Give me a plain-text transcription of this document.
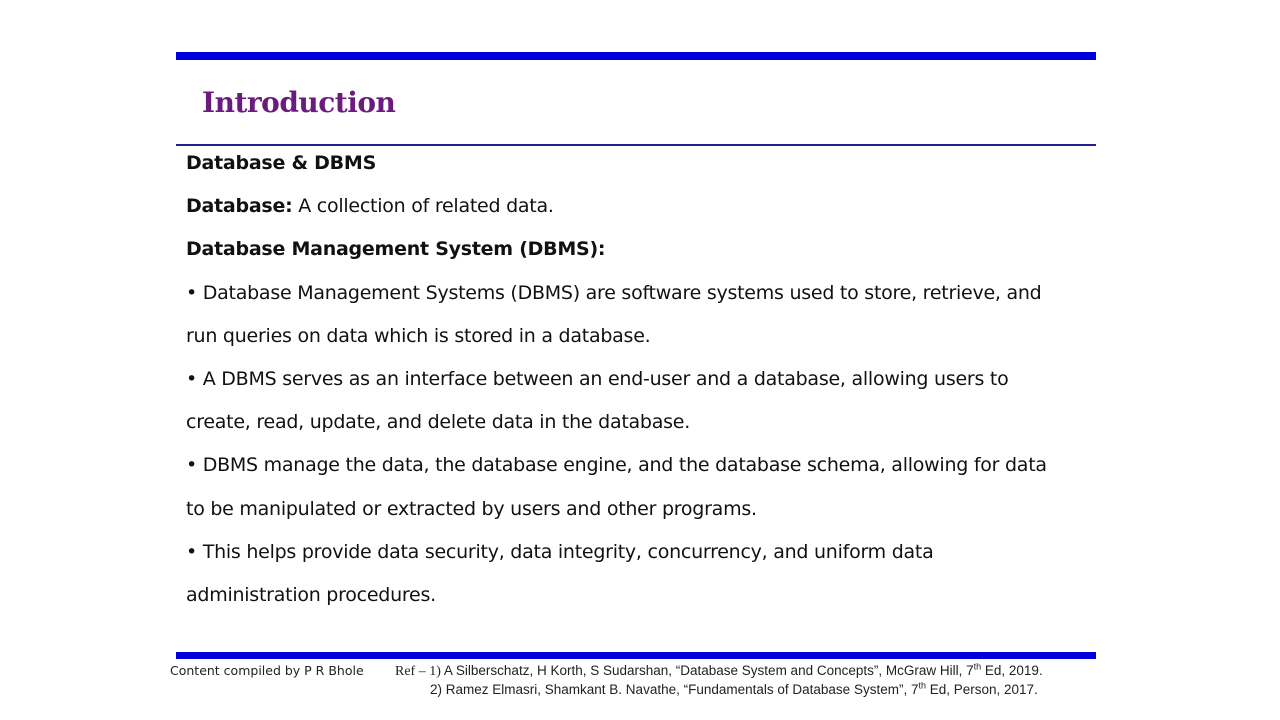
Introduction
Database & DBMS
Database: A collection of related data.
Database Management System (DBMS):
• Database Management Systems (DBMS) are software systems used to store, retrieve, and
run queries on data which is stored in a database.
• A DBMS serves as an interface between an end-user and a database, allowing users to
create, read, update, and delete data in the database.
• DBMS manage the data, the database engine, and the database schema, allowing for data
to be manipulated or extracted by users and other programs.
• This helps provide data security, data integrity, concurrency, and uniform data
administration procedures.
Content compiled by P R Bhole Ref – 1) A Silberschatz, H Korth, S Sudarshan, “Database System and Concepts”, McGraw Hill, 7th Ed, 2019.
2) Ramez Elmasri, Shamkant B. Navathe, “Fundamentals of Database System”, 7th Ed, Person, 2017.
